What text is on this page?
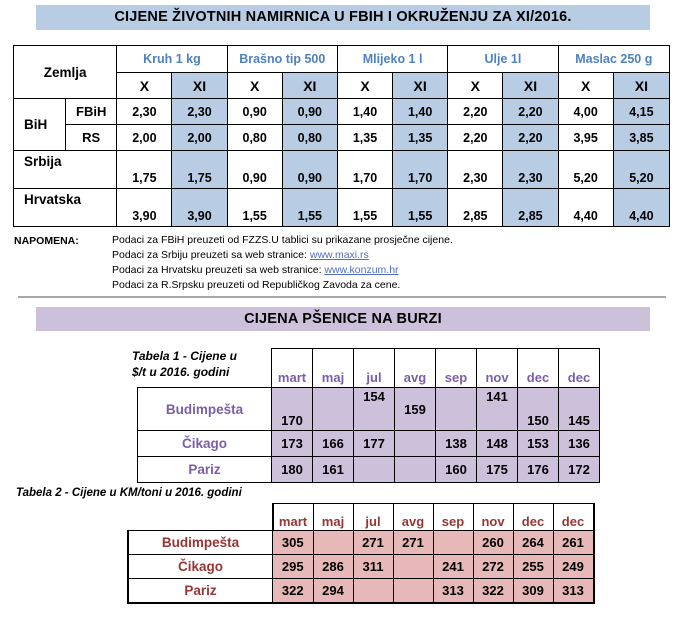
CIJENE ŽIVOTNIH NAMIRNICA U FBIH I OKRUŽENJU ZA XI/2016.
Zemlja		Kruh 1 kg		Brašno tip 500		Mlijeko 1 l		Ulje 1l		Maslac 250 g	
		X	XI	X	XI	X	XI	X	XI	X	XI
BiH	FBiH	2,30	2,30	0,90	0,90	1,40	1,40	2,20	2,20	4,00	4,15
	RS	2,00	2,00	0,80	0,80	1,35	1,35	2,20	2,20	3,95	3,85
Srbija		1,75	1,75	0,90	0,90	1,70	1,70	2,30	2,30	5,20	5,20
Hrvatska		3,90	3,90	1,55	1,55	1,55	1,55	2,85	2,85	4,40	4,40
NAPOMENA:	Podaci za FBiH preuzeti od FZZS.U tablici su prikazane prosječne cijene.
Podaci za Srbiju preuzeti sa web stranice: www.maxi.rs
Podaci za Hrvatsku preuzeti sa web stranice: www.konzum.hr
Podaci za R.Srpsku preuzeti od Republičkog Zavoda za cene.
CIJENA PŠENICE NA BURZI
Tabela 1 - Cijene u
$/t u 2016. godini
		mart	maj	jul	avg	sep	nov	dec	dec
Budimpešta	170		154	159		141	150	145
Čikago	173	166	177		138	148	153	136
Pariz	180	161			160	175	176	172
Tabela 2 - Cijene u KM/toni u 2016. godini
	mart	maj	jul	avg	sep	nov	dec	dec
Budimpešta	305		271	271		260	264	261
Čikago	295	286	311		241	272	255	249
Pariz	322	294			313	322	309	313
